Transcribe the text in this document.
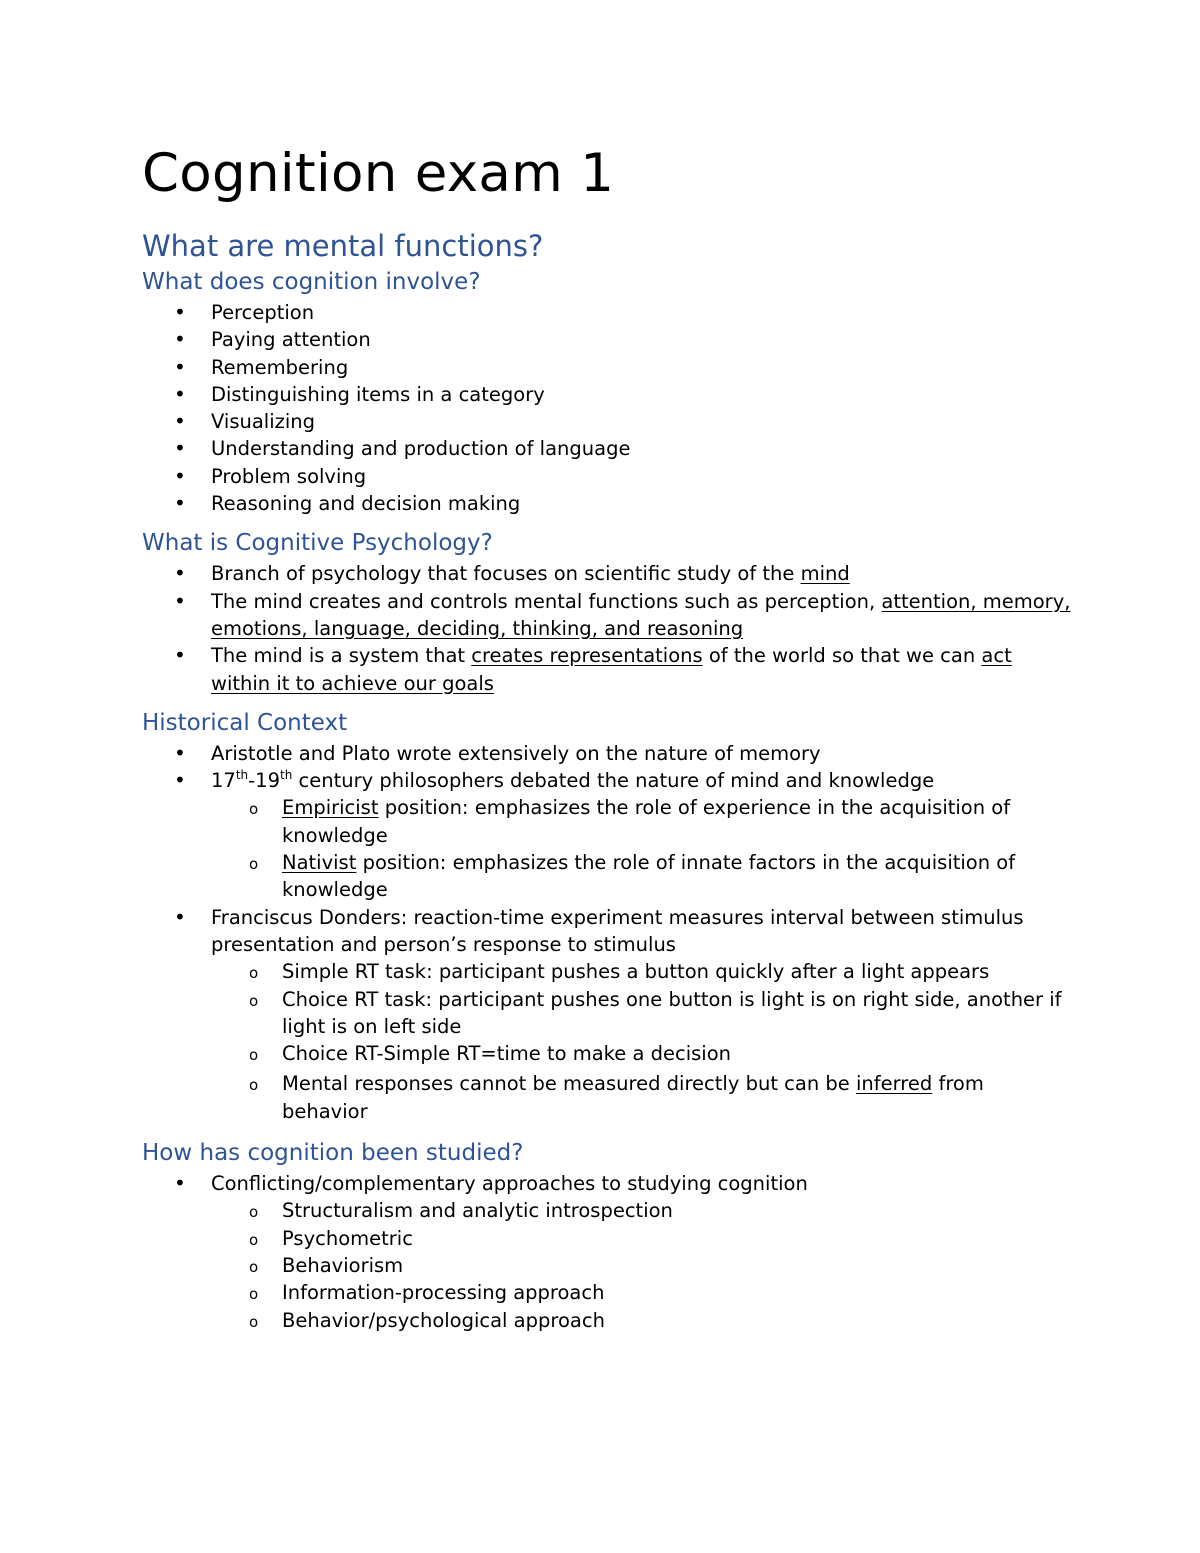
Cognition exam 1
What are mental functions?
What does cognition involve?
• Perception
• Paying attention
• Remembering
• Distinguishing items in a category
• Visualizing
• Understanding and production of language
• Problem solving
• Reasoning and decision making
What is Cognitive Psychology?
• Branch of psychology that focuses on scientific study of the mind
• The mind creates and controls mental functions such as perception, attention, memory, emotions, language, deciding, thinking, and reasoning
• The mind is a system that creates representations of the world so that we can act within it to achieve our goals
Historical Context
• Aristotle and Plato wrote extensively on the nature of memory
• 17th-19th century philosophers debated the nature of mind and knowledge
o Empiricist position: emphasizes the role of experience in the acquisition of knowledge
o Nativist position: emphasizes the role of innate factors in the acquisition of knowledge
• Franciscus Donders: reaction-time experiment measures interval between stimulus presentation and person’s response to stimulus
o Simple RT task: participant pushes a button quickly after a light appears
o Choice RT task: participant pushes one button is light is on right side, another if light is on left side
o Choice RT-Simple RT=time to make a decision
o Mental responses cannot be measured directly but can be inferred from behavior
How has cognition been studied?
• Conflicting/complementary approaches to studying cognition
o Structuralism and analytic introspection
o Psychometric
o Behaviorism
o Information-processing approach
o Behavior/psychological approach
